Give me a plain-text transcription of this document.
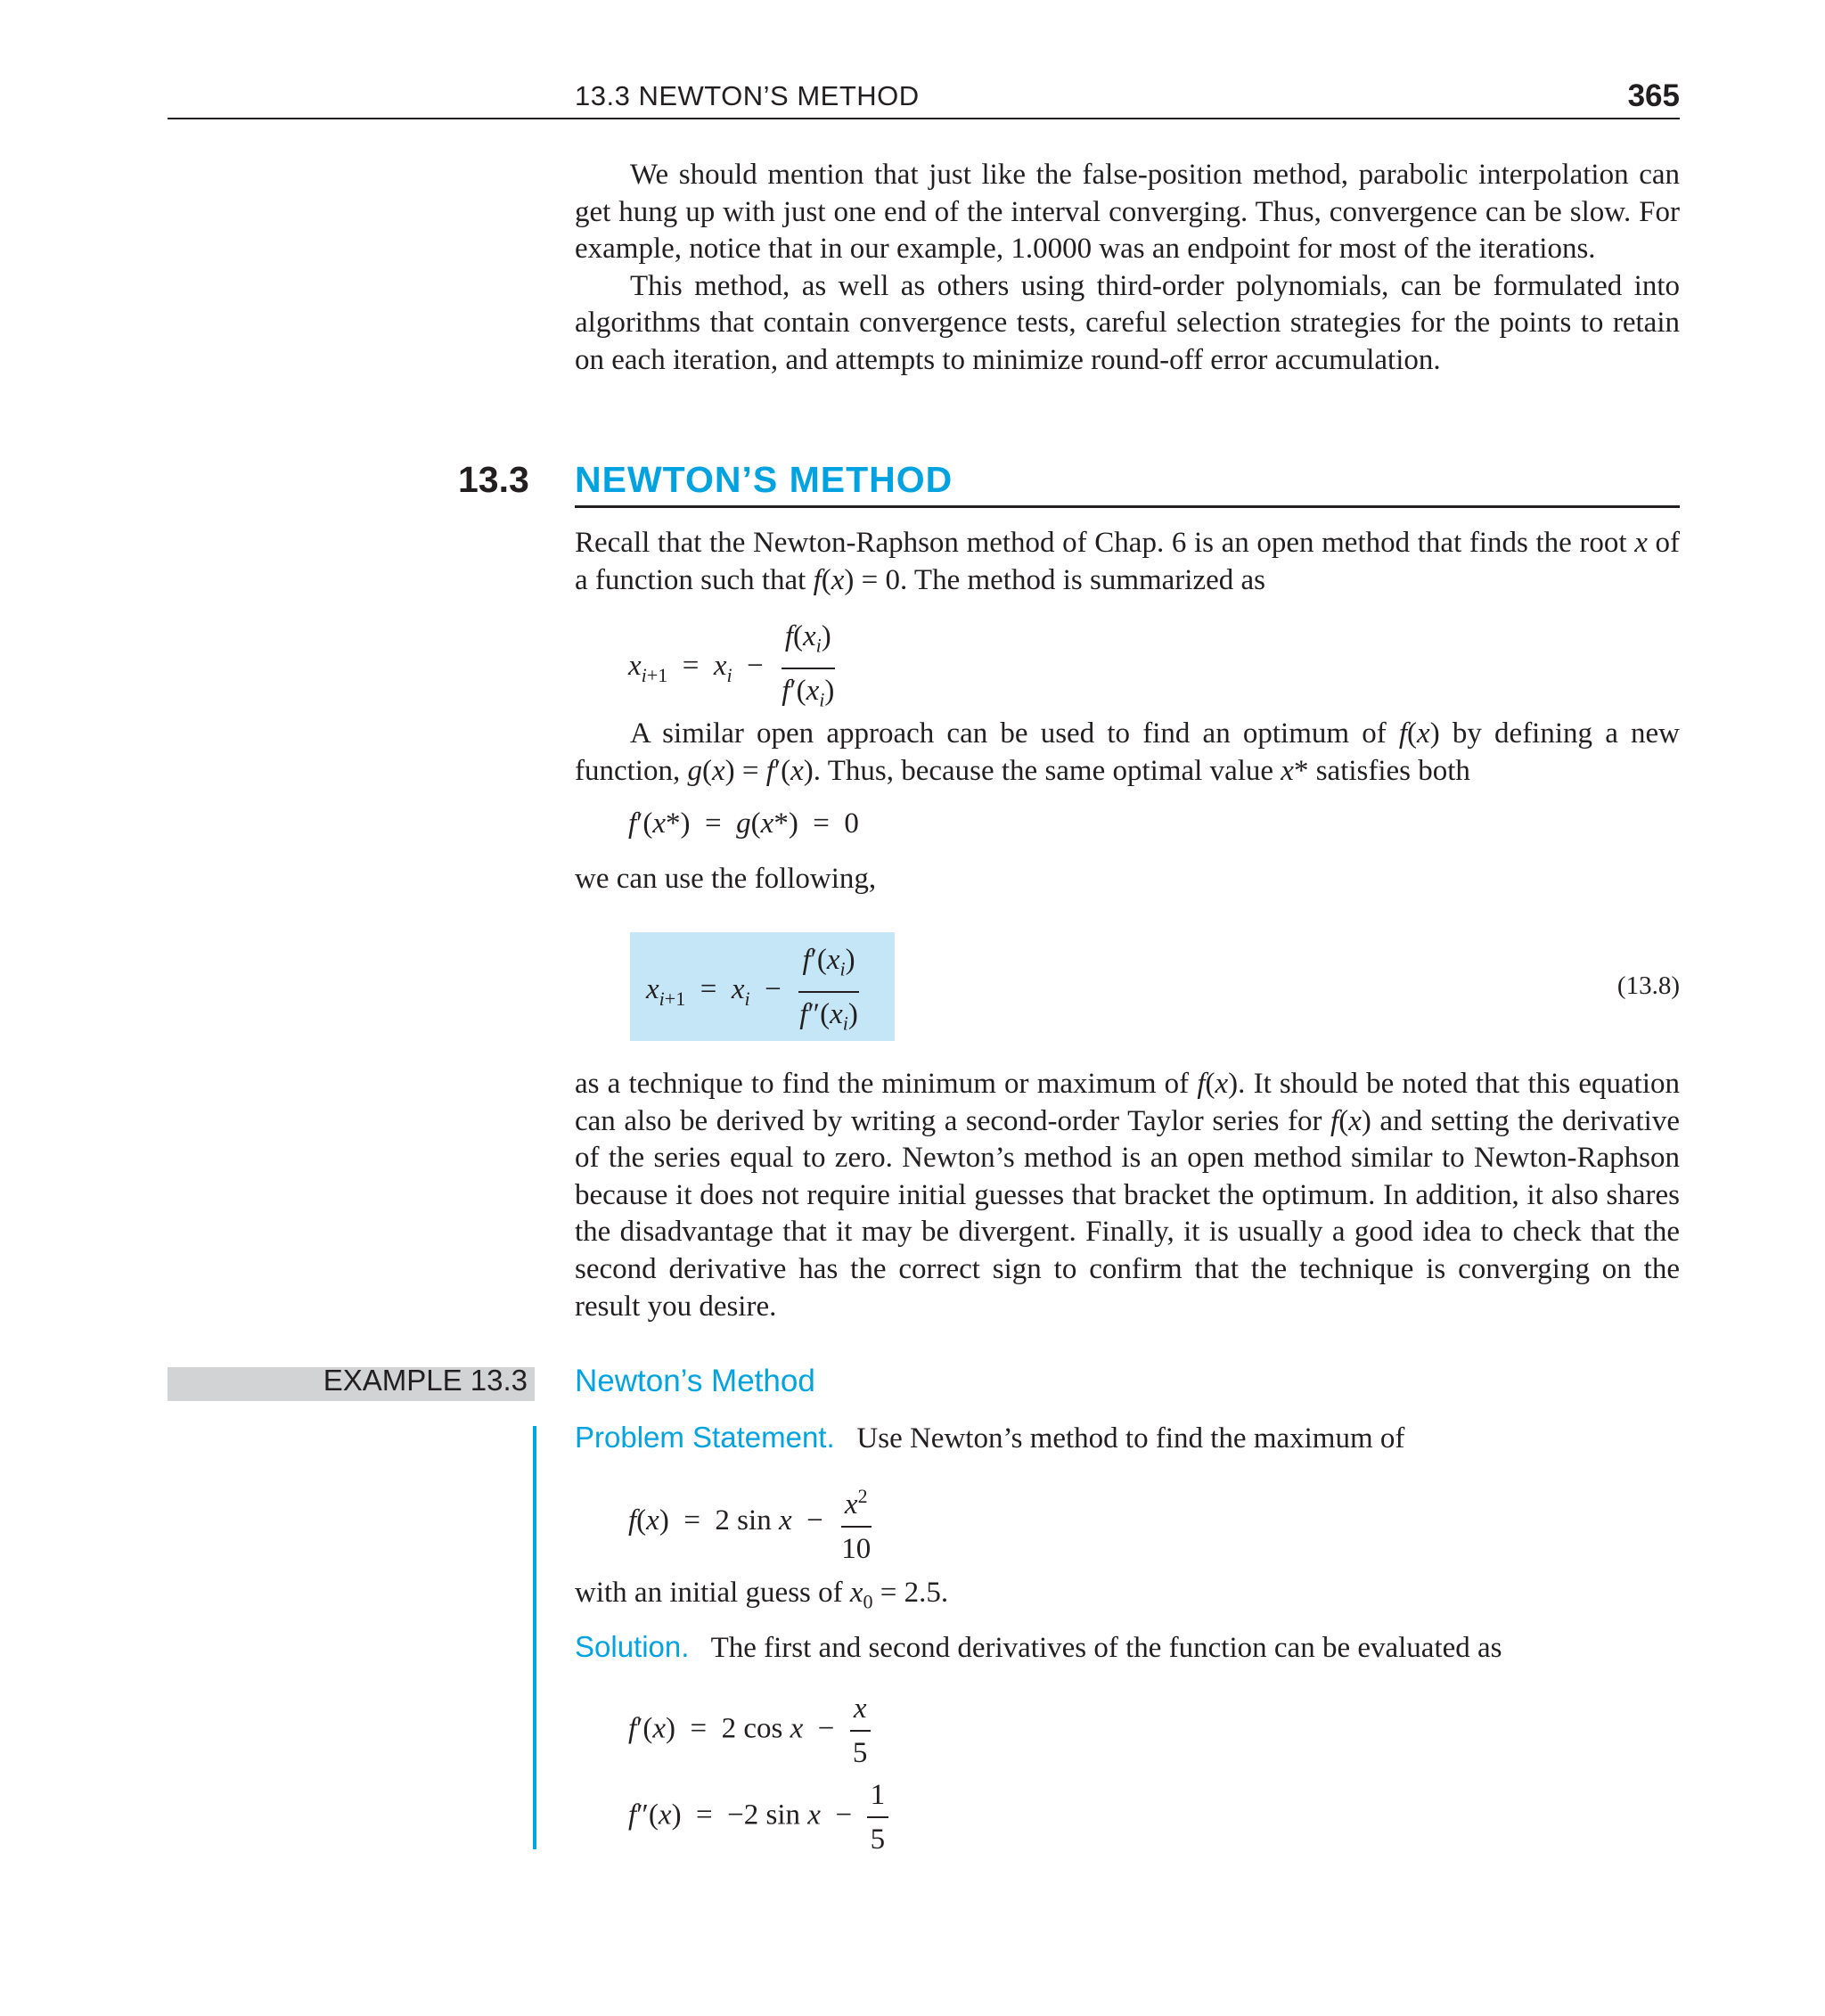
13.3 NEWTON’S METHOD	365

We should mention that just like the false-position method, parabolic interpolation can get hung up with just one end of the interval converging. Thus, convergence can be slow. For example, notice that in our example, 1.0000 was an endpoint for most of the iterations.

This method, as well as others using third-order polynomials, can be formulated into algorithms that contain convergence tests, careful selection strategies for the points to retain on each iteration, and attempts to minimize round-off error accumulation.

13.3 NEWTON’S METHOD

Recall that the Newton-Raphson method of Chap. 6 is an open method that finds the root x of a function such that f(x) = 0. The method is summarized as

$x_{i+1} = x_i - \frac{f(x_i)}{f'(x_i)}$

A similar open approach can be used to find an optimum of f(x) by defining a new function, g(x) = f′(x). Thus, because the same optimal value x* satisfies both

f′(x*)  =  g(x*)  =  0
we can use the following,
$x_{i+1} = x_i - \frac{f'(x_i)}{f''(x_i)}$	(13.8)

as a technique to find the minimum or maximum of f(x). It should be noted that this equation can also be derived by writing a second-order Taylor series for f(x) and setting the derivative of the series equal to zero. Newton’s method is an open method similar to Newton-Raphson because it does not require initial guesses that bracket the optimum. In addition, it also shares the disadvantage that it may be divergent. Finally, it is usually a good idea to check that the second derivative has the correct sign to confirm that the technique is converging on the result you desire.

EXAMPLE 13.3 Newton’s Method

Problem Statement. Use Newton’s method to find the maximum of

f(x)  =  2 $\sin x - \frac{x^2}{10}$

with an initial guess of $x_0 = 2.5$.

Solution. The first and second derivatives of the function can be evaluated as

f′(x)  =  2 $\cos x - \frac{x}{5}$
f″(x)  =  −2 $\sin x - \frac{1}{5}$
